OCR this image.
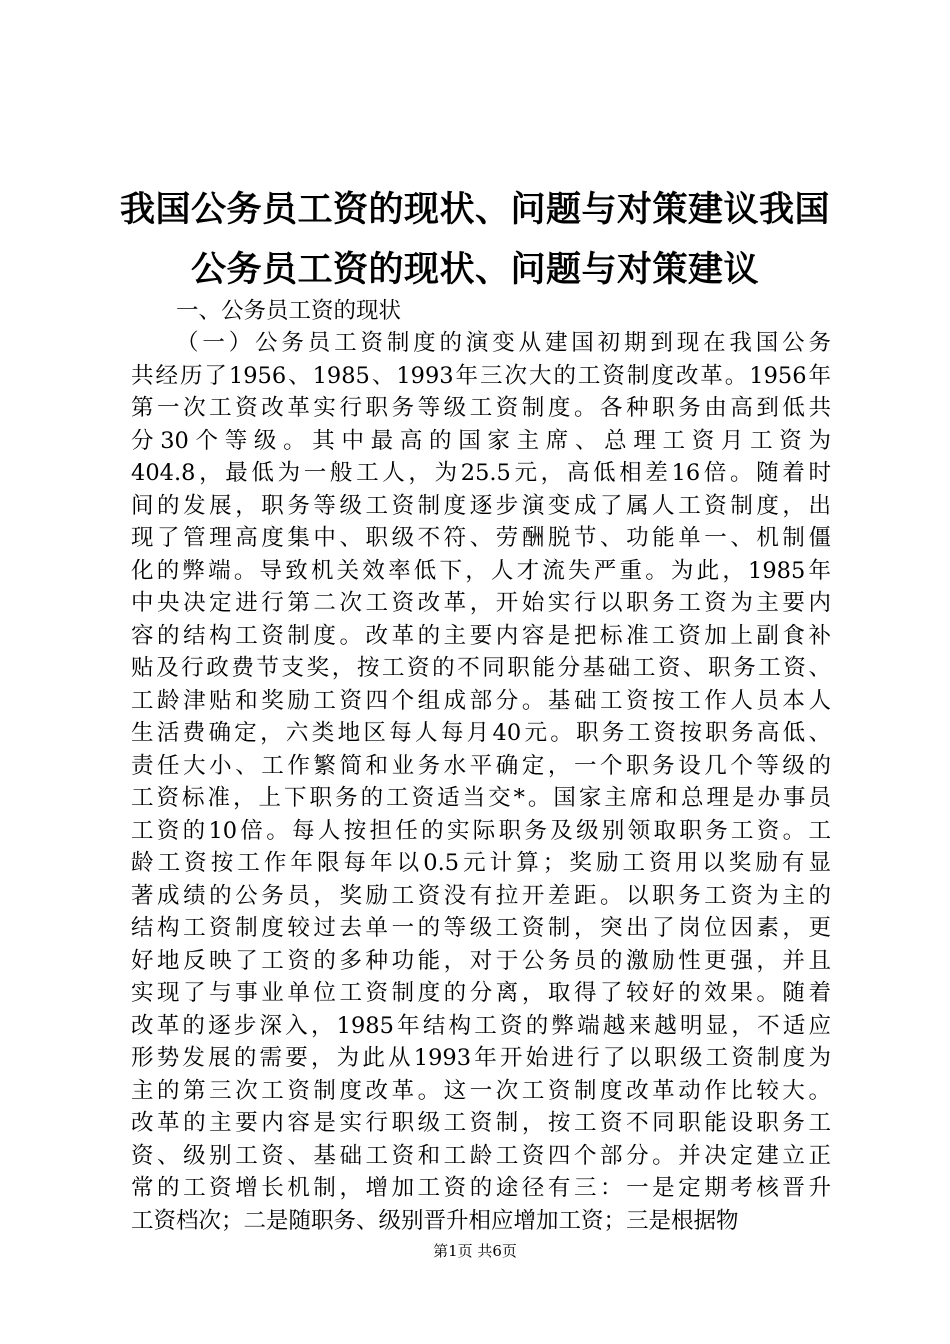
我国公务员工资的现状、问题与对策建议我国
公务员工资的现状、问题与对策建议
一、公务员工资的现状
（一）公务员工资制度的演变从建国初期到现在我国公务
共经历了1956、1985、1993年三次大的工资制度改革。1956年
第一次工资改革实行职务等级工资制度。各种职务由高到低共
分30个等级。其中最高的国家主席、总理工资月工资为
404.8，最低为一般工人，为25.5元，高低相差16倍。随着时
间的发展，职务等级工资制度逐步演变成了属人工资制度，出
现了管理高度集中、职级不符、劳酬脱节、功能单一、机制僵
化的弊端。导致机关效率低下，人才流失严重。为此，1985年
中央决定进行第二次工资改革，开始实行以职务工资为主要内
容的结构工资制度。改革的主要内容是把标准工资加上副食补
贴及行政费节支奖，按工资的不同职能分基础工资、职务工资、
工龄津贴和奖励工资四个组成部分。基础工资按工作人员本人
生活费确定，六类地区每人每月40元。职务工资按职务高低、
责任大小、工作繁简和业务水平确定，一个职务设几个等级的
工资标准，上下职务的工资适当交*。国家主席和总理是办事员
工资的10倍。每人按担任的实际职务及级别领取职务工资。工
龄工资按工作年限每年以0.5元计算；奖励工资用以奖励有显
著成绩的公务员，奖励工资没有拉开差距。以职务工资为主的
结构工资制度较过去单一的等级工资制，突出了岗位因素，更
好地反映了工资的多种功能，对于公务员的激励性更强，并且
实现了与事业单位工资制度的分离，取得了较好的效果。随着
改革的逐步深入，1985年结构工资的弊端越来越明显，不适应
形势发展的需要，为此从1993年开始进行了以职级工资制度为
主的第三次工资制度改革。这一次工资制度改革动作比较大。
改革的主要内容是实行职级工资制，按工资不同职能设职务工
资、级别工资、基础工资和工龄工资四个部分。并决定建立正
常的工资增长机制，增加工资的途径有三：一是定期考核晋升
工资档次；二是随职务、级别晋升相应增加工资；三是根据物
第1页 共6页
